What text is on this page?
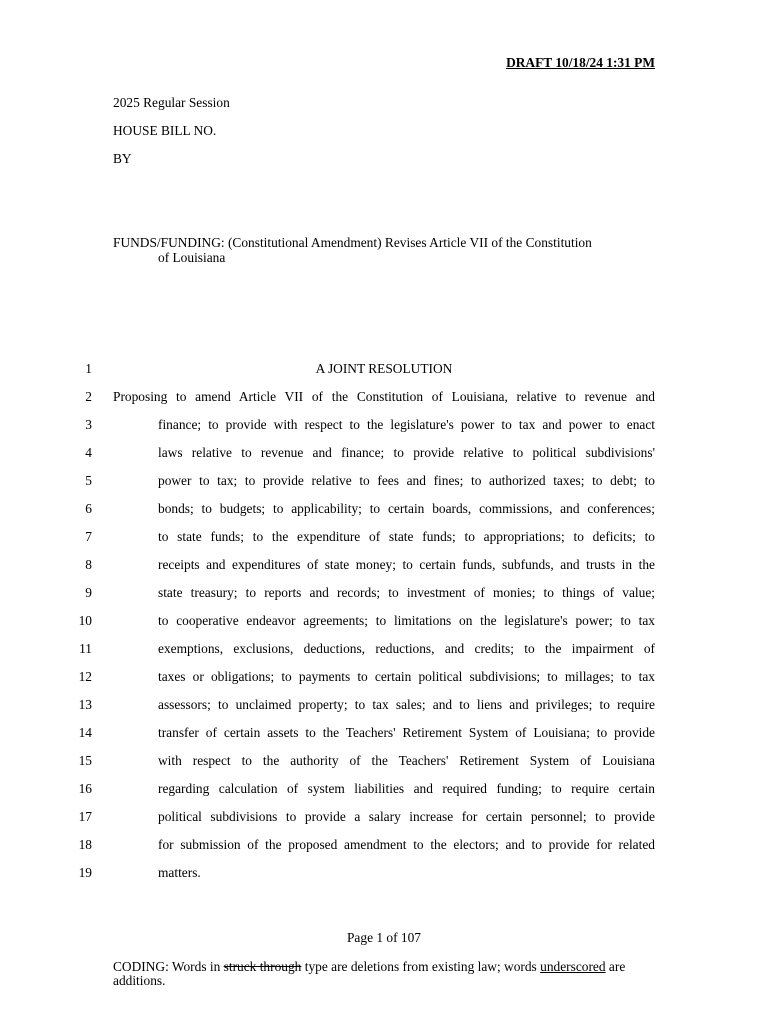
DRAFT 10/18/24 1:31 PM
2025 Regular Session
HOUSE BILL NO.
BY
FUNDS/FUNDING: (Constitutional Amendment) Revises Article VII of the Constitution
of Louisiana
1	A JOINT RESOLUTION
2 Proposing to amend Article VII of the Constitution of Louisiana, relative to revenue and
3	finance; to provide with respect to the legislature's power to tax and power to enact
4	laws relative to revenue and finance; to provide relative to political subdivisions'
5	power to tax; to provide relative to fees and fines; to authorized taxes; to debt; to
6	bonds; to budgets; to applicability; to certain boards, commissions, and conferences;
7	to state funds; to the expenditure of state funds; to appropriations; to deficits; to
8	receipts and expenditures of state money; to certain funds, subfunds, and trusts in the
9	state treasury; to reports and records; to investment of monies; to things of value;
10	to cooperative endeavor agreements; to limitations on the legislature's power; to tax
11	exemptions, exclusions, deductions, reductions, and credits; to the impairment of
12	taxes or obligations; to payments to certain political subdivisions; to millages; to tax
13	assessors; to unclaimed property; to tax sales; and to liens and privileges; to require
14	transfer of certain assets to the Teachers' Retirement System of Louisiana; to provide
15	with respect to the authority of the Teachers' Retirement System of Louisiana
16	regarding calculation of system liabilities and required funding; to require certain
17	political subdivisions to provide a salary increase for certain personnel; to provide
18	for submission of the proposed amendment to the electors; and to provide for related
19	matters.
Page 1 of 107
CODING: Words in struck through type are deletions from existing law; words underscored are additions.
